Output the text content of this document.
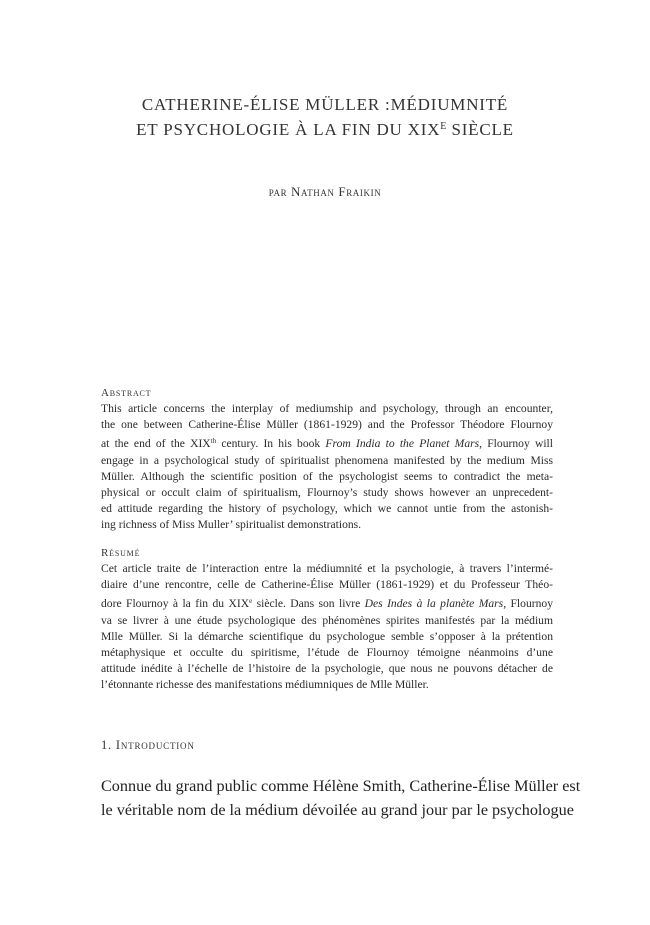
CATHERINE-ÉLISE MÜLLER :MÉDIUMNITÉ
ET PSYCHOLOGIE À LA FIN DU $XIX^E$ SIÈCLE
par Nathan Fraikin
Abstract
This article concerns the interplay of mediumship and psychology, through an encounter,
the one between Catherine-Élise Müller (1861-1929) and the Professor Théodore Flournoy
at the end of the XIXth century. In his book From India to the Planet Mars, Flournoy will
engage in a psychological study of spiritualist phenomena manifested by the medium Miss
Müller. Although the scientific position of the psychologist seems to contradict the meta-
physical or occult claim of spiritualism, Flournoy’s study shows however an unprecedent-
ed attitude regarding the history of psychology, which we cannot untie from the astonish-
ing richness of Miss Muller’ spiritualist demonstrations.
Résumé
Cet article traite de l’interaction entre la médiumnité et la psychologie, à travers l’intermé-
diaire d’une rencontre, celle de Catherine-Élise Müller (1861-1929) et du Professeur Théo-
dore Flournoy à la fin du XIXe siècle. Dans son livre Des Indes à la planète Mars, Flournoy
va se livrer à une étude psychologique des phénomènes spirites manifestés par la médium
Mlle Müller. Si la démarche scientifique du psychologue semble s’opposer à la prétention
métaphysique et occulte du spiritisme, l’étude de Flournoy témoigne néanmoins d’une
attitude inédite à l’échelle de l’histoire de la psychologie, que nous ne pouvons détacher de
l’étonnante richesse des manifestations médiumniques de Mlle Müller.
1. Introduction
Connue du grand public comme Hélène Smith, Catherine-Élise Müller est
le véritable nom de la médium dévoilée au grand jour par le psychologue
